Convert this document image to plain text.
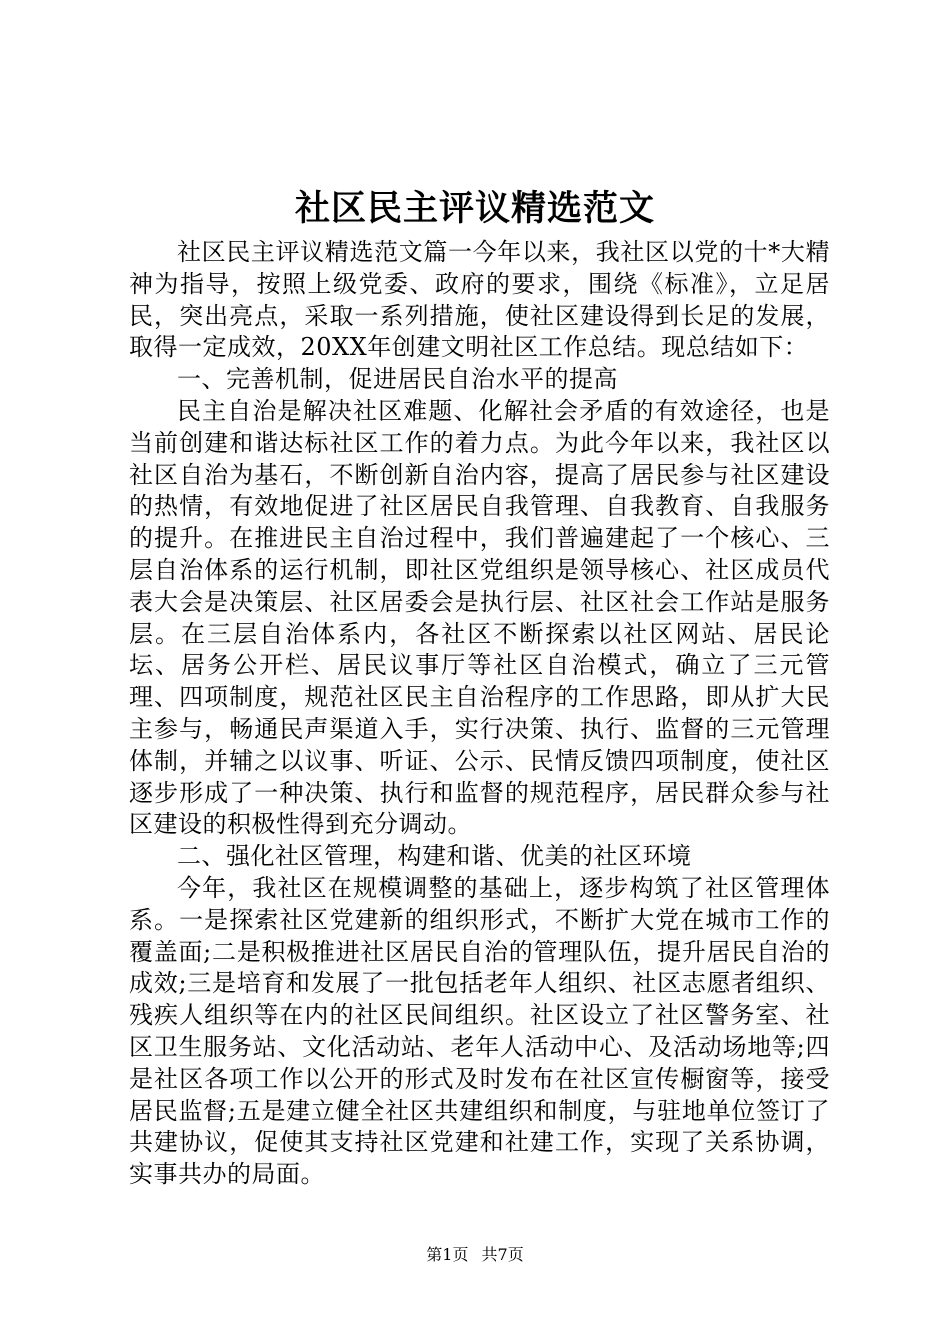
社区民主评议精选范文

社区民主评议精选范文篇一今年以来，我社区以党的十*大精神为指导，按照上级党委、政府的要求，围绕《标准》，立足居民，突出亮点，采取一系列措施，使社区建设得到长足的发展，取得一定成效，20XX年创建文明社区工作总结。现总结如下：

一、完善机制，促进居民自治水平的提高

民主自治是解决社区难题、化解社会矛盾的有效途径，也是当前创建和谐达标社区工作的着力点。为此今年以来，我社区以社区自治为基石，不断创新自治内容，提高了居民参与社区建设的热情，有效地促进了社区居民自我管理、自我教育、自我服务的提升。在推进民主自治过程中，我们普遍建起了一个核心、三层自治体系的运行机制，即社区党组织是领导核心、社区成员代表大会是决策层、社区居委会是执行层、社区社会工作站是服务层。在三层自治体系内，各社区不断探索以社区网站、居民论坛、居务公开栏、居民议事厅等社区自治模式，确立了三元管理、四项制度，规范社区民主自治程序的工作思路，即从扩大民主参与，畅通民声渠道入手，实行决策、执行、监督的三元管理体制，并辅之以议事、听证、公示、民情反馈四项制度，使社区逐步形成了一种决策、执行和监督的规范程序，居民群众参与社区建设的积极性得到充分调动。

二、强化社区管理，构建和谐、优美的社区环境

今年，我社区在规模调整的基础上，逐步构筑了社区管理体系。一是探索社区党建新的组织形式，不断扩大党在城市工作的覆盖面;二是积极推进社区居民自治的管理队伍，提升居民自治的成效;三是培育和发展了一批包括老年人组织、社区志愿者组织、残疾人组织等在内的社区民间组织。社区设立了社区警务室、社区卫生服务站、文化活动站、老年人活动中心、及活动场地等;四是社区各项工作以公开的形式及时发布在社区宣传橱窗等，接受居民监督;五是建立健全社区共建组织和制度，与驻地单位签订了共建协议，促使其支持社区党建和社建工作，实现了关系协调，实事共办的局面。

第1页 共7页
